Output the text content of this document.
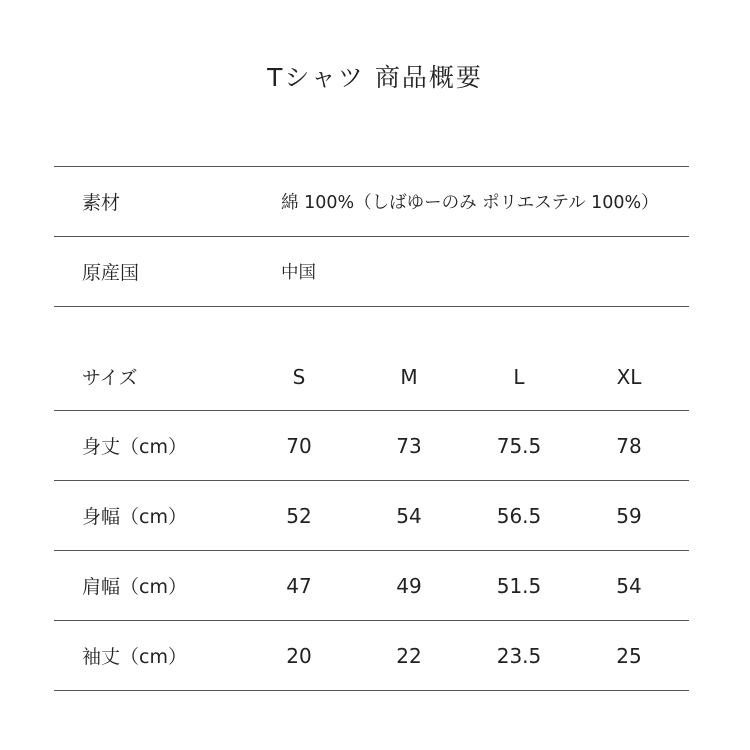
Tシャツ 商品概要
素材	綿 100%（しばゆーのみ ポリエステル 100%）
原産国	中国
サイズ	S	M	L	XL
身丈（cm）	70	73	75.5	78
身幅（cm）	52	54	56.5	59
肩幅（cm）	47	49	51.5	54
袖丈（cm）	20	22	23.5	25
